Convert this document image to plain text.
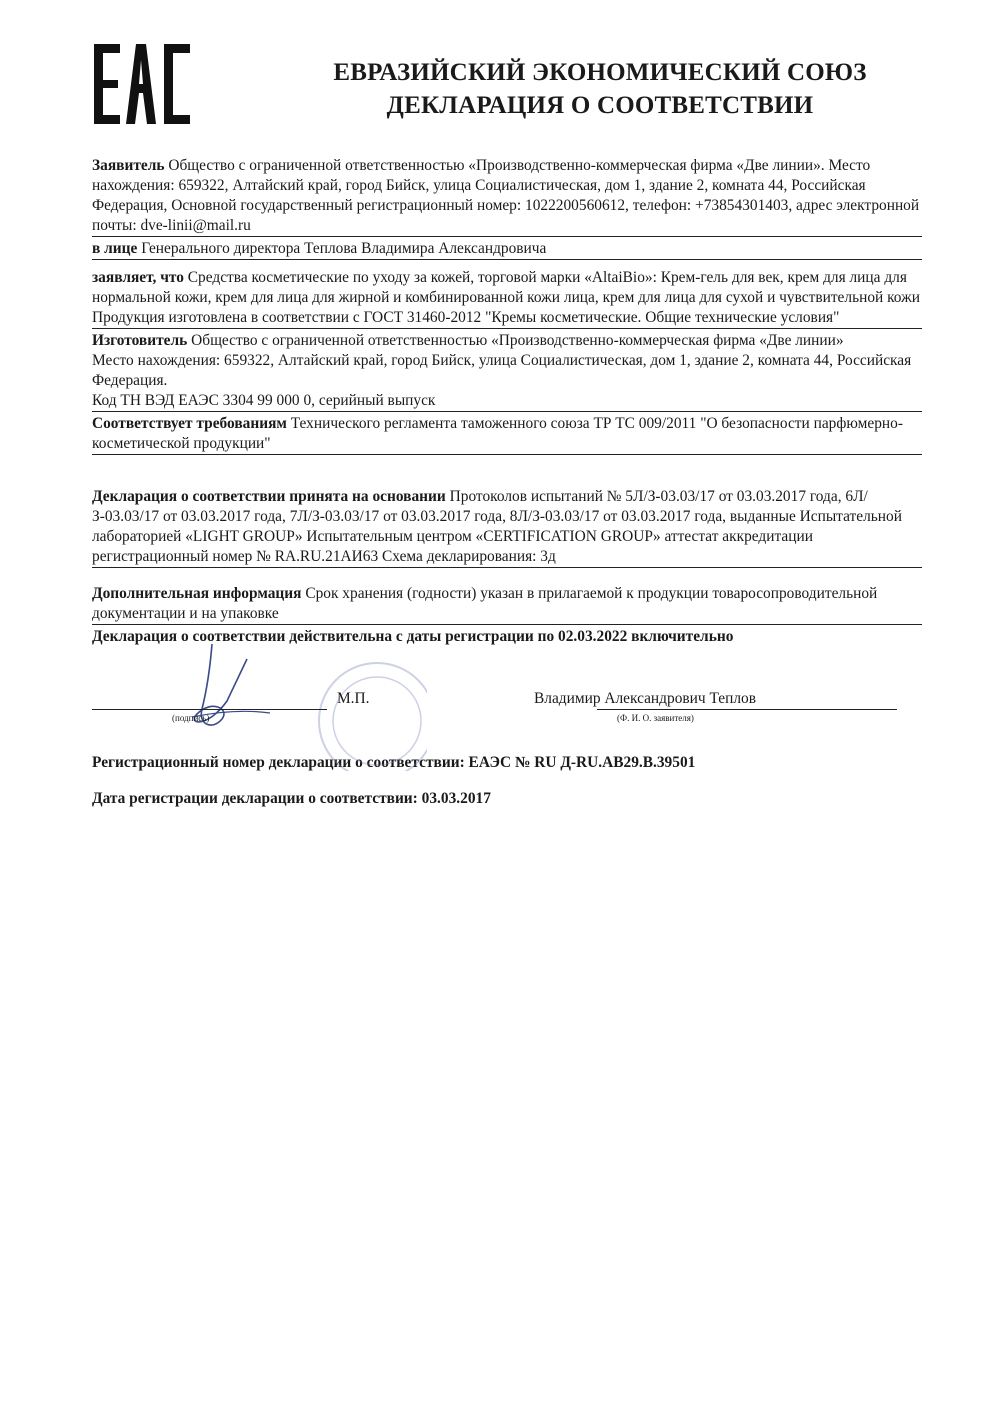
ЕВРАЗИЙСКИЙ ЭКОНОМИЧЕСКИЙ СОЮЗ
ДЕКЛАРАЦИЯ О СООТВЕТСТВИИ

Заявитель Общество с ограниченной ответственностью «Производственно-коммерческая фирма «Две линии». Место нахождения: 659322, Алтайский край, город Бийск, улица Социалистическая, дом 1, здание 2, комната 44, Российская Федерация, Основной государственный регистрационный номер: 1022200560612, телефон: +73854301403, адрес электронной почты: dve-linii@mail.ru

в лице Генерального директора Теплова Владимира Александровича

заявляет, что Средства косметические по уходу за кожей, торговой марки «AltaiBio»: Крем-гель для век, крем для лица для нормальной кожи, крем для лица для жирной и комбинированной кожи лица, крем для лица для сухой и чувствительной кожи

Продукция изготовлена в соответствии с ГОСТ 31460-2012 "Кремы косметические. Общие технические условия"

Изготовитель Общество с ограниченной ответственностью «Производственно-коммерческая фирма «Две линии»

Место нахождения: 659322, Алтайский край, город Бийск, улица Социалистическая, дом 1, здание 2, комната 44, Российская Федерация.

Код ТН ВЭД ЕАЭС 3304 99 000 0, серийный выпуск

Соответствует требованиям Технического регламента таможенного союза ТР ТС 009/2011 "О безопасности парфюмерно-косметической продукции"

Декларация о соответствии принята на основании Протоколов испытаний № 5Л/З-03.03/17 от 03.03.2017 года, 6Л/З-03.03/17 от 03.03.2017 года, 7Л/З-03.03/17 от 03.03.2017 года, 8Л/З-03.03/17 от 03.03.2017 года, выданные Испытательной лабораторией «LIGHT GROUP» Испытательным центром «CERTIFICATION GROUP» аттестат аккредитации регистрационный номер № RA.RU.21АИ63 Схема декларирования: 3д

Дополнительная информация Срок хранения (годности) указан в прилагаемой к продукции товаросопроводительной документации и на упаковке

Декларация о соответствии действительна с даты регистрации по 02.03.2022 включительно

М.П.	Владимир Александрович Теплов
(подпись)	(Ф. И. О. заявителя)

Регистрационный номер декларации о соответствии: ЕАЭС № RU Д-RU.АВ29.В.39501

Дата регистрации декларации о соответствии: 03.03.2017
